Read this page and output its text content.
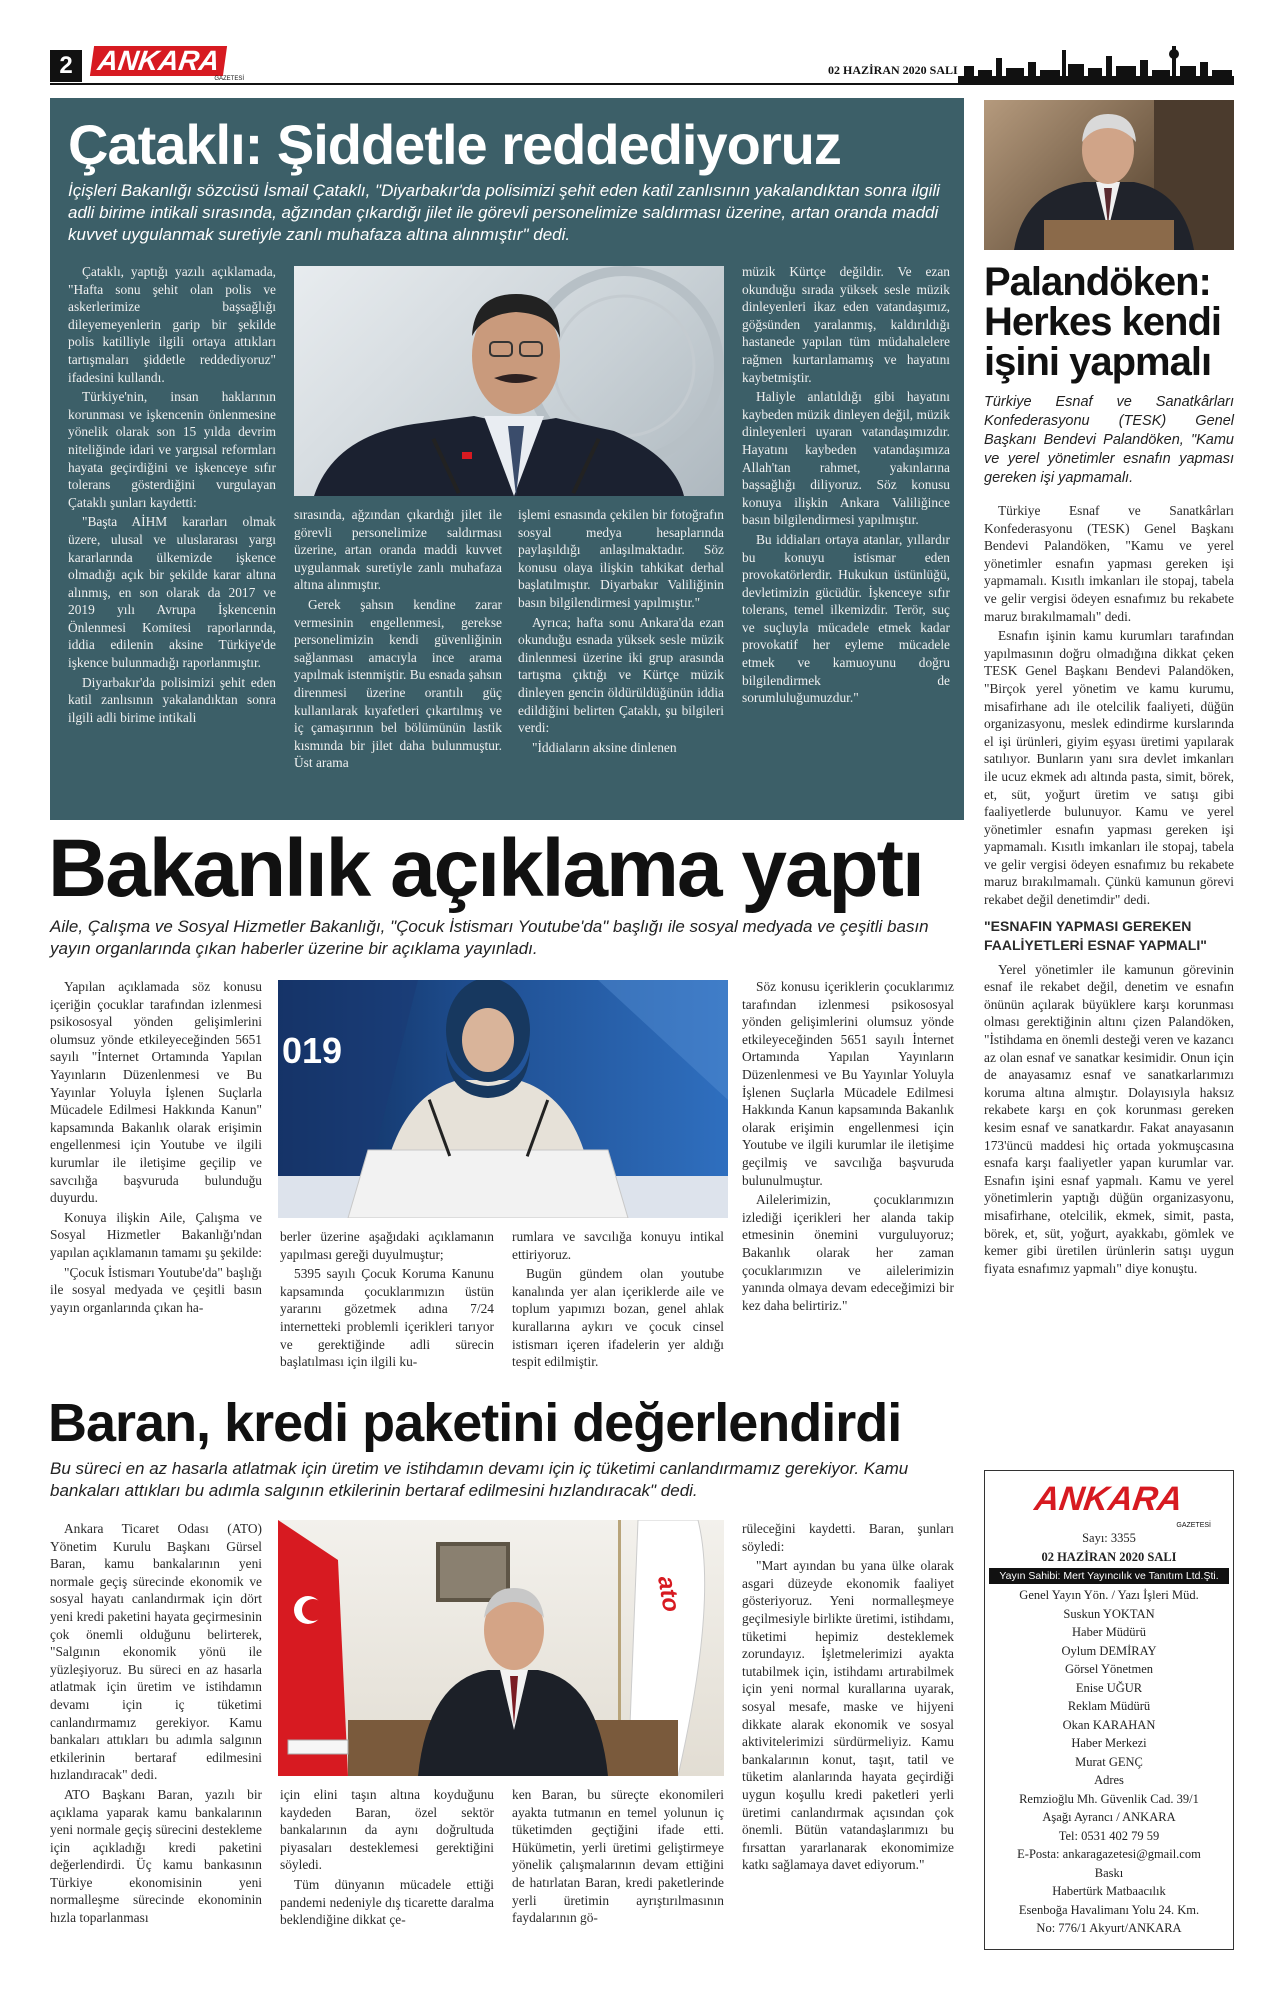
2 ANKARA
GAZETESİ
02 HAZİRAN 2020 SALI
Çataklı: Şiddetle reddediyoruz
İçişleri Bakanlığı sözcüsü İsmail Çataklı, "Diyarbakır'da polisimizi şehit eden katil zanlısının yakalandıktan sonra ilgili adli birime intikali sırasında, ağzından çıkardığı jilet ile görevli personelimize saldırması üzerine, artan oranda maddi kuvvet uygulanmak suretiyle zanlı muhafaza altına alınmıştır" dedi.

Çataklı, yaptığı yazılı açıklamada, "Hafta sonu şehit olan polis ve askerlerimize başsağlığı dileyemeyenlerin garip bir şekilde polis katilliyle ilgili ortaya attıkları tartışmaları şiddetle reddediyoruz" ifadesini kullandı.

Türkiye'nin, insan haklarının korunması ve işkencenin önlenmesine yönelik olarak son 15 yılda devrim niteliğinde idari ve yargısal reformları hayata geçirdiğini ve işkenceye sıfır tolerans gösterdiğini vurgulayan Çataklı şunları kaydetti:

"Başta AİHM kararları olmak üzere, ulusal ve uluslararası yargı kararlarında ülkemizde işkence olmadığı açık bir şekilde karar altına alınmış, en son olarak da 2017 ve 2019 yılı Avrupa İşkencenin Önlenmesi Komitesi raporlarında, iddia edilenin aksine Türkiye'de işkence bulunmadığı raporlanmıştır.

Diyarbakır'da polisimizi şehit eden katil zanlısının yakalandıktan sonra ilgili adli birime intikali

sırasında, ağzından çıkardığı jilet ile görevli personelimize saldırması üzerine, artan oranda maddi kuvvet uygulanmak suretiyle zanlı muhafaza altına alınmıştır.

Gerek şahsın kendine zarar vermesinin engellenmesi, gerekse personelimizin kendi güvenliğinin sağlanması amacıyla ince arama yapılmak istenmiştir. Bu esnada şahsın direnmesi üzerine orantılı güç kullanılarak kıyafetleri çıkartılmış ve iç çamaşırının bel bölümünün lastik kısmında bir jilet daha bulunmuştur. Üst arama

işlemi esnasında çekilen bir fotoğrafın sosyal medya hesaplarında paylaşıldığı anlaşılmaktadır. Söz konusu olaya ilişkin tahkikat derhal başlatılmıştır. Diyarbakır Valiliğinin basın bilgilendirmesi yapılmıştır."

Ayrıca; hafta sonu Ankara'da ezan okunduğu esnada yüksek sesle müzik dinlenmesi üzerine iki grup arasında tartışma çıktığı ve Kürtçe müzik dinleyen gencin öldürüldüğünün iddia edildiğini belirten Çataklı, şu bilgileri verdi:

"İddiaların aksine dinlenen

müzik Kürtçe değildir. Ve ezan okunduğu sırada yüksek sesle müzik dinleyenleri ikaz eden vatandaşımız, göğsünden yaralanmış, kaldırıldığı hastanede yapılan tüm müdahalelere rağmen kurtarılamamış ve hayatını kaybetmiştir.

Haliyle anlatıldığı gibi hayatını kaybeden müzik dinleyen değil, müzik dinleyenleri uyaran vatandaşımızdır. Hayatını kaybeden vatandaşımıza Allah'tan rahmet, yakınlarına başsağlığı diliyoruz. Söz konusu konuya ilişkin Ankara Valiliğince basın bilgilendirmesi yapılmıştır.

Bu iddiaları ortaya atanlar, yıllardır bu konuyu istismar eden provokatörlerdir. Hukukun üstünlüğü, devletimizin gücüdür. İşkenceye sıfır tolerans, temel ilkemizdir. Terör, suç ve suçluyla mücadele etmek kadar provokatif her eyleme mücadele etmek ve kamuoyunu doğru bilgilendirmek de sorumluluğumuzdur."

Bakanlık açıklama yaptı
Aile, Çalışma ve Sosyal Hizmetler Bakanlığı, "Çocuk İstismarı Youtube'da" başlığı ile sosyal medyada ve çeşitli basın yayın organlarında çıkan haberler üzerine bir açıklama yayınladı.

Yapılan açıklamada söz konusu içeriğin çocuklar tarafından izlenmesi psikososyal yönden gelişimlerini olumsuz yönde etkileyeceğinden 5651 sayılı "İnternet Ortamında Yapılan Yayınların Düzenlenmesi ve Bu Yayınlar Yoluyla İşlenen Suçlarla Mücadele Edilmesi Hakkında Kanun" kapsamında Bakanlık olarak erişimin engellenmesi için Youtube ve ilgili kurumlar ile iletişime geçilip ve savcılığa başvuruda bulunduğu duyurdu.

Konuya ilişkin Aile, Çalışma ve Sosyal Hizmetler Bakanlığı'ndan yapılan açıklamanın tamamı şu şekilde:

"Çocuk İstismarı Youtube'da" başlığı ile sosyal medyada ve çeşitli basın yayın organlarında çıkan ha-

019

berler üzerine aşağıdaki açıklamanın yapılması gereği duyulmuştur;

5395 sayılı Çocuk Koruma Kanunu kapsamında çocuklarımızın üstün yararını gözetmek adına 7/24 internetteki problemli içerikleri tarıyor ve gerektiğinde adli sürecin başlatılması için ilgili ku-

rumlara ve savcılığa konuyu intikal ettiriyoruz.

Bugün gündem olan youtube kanalında yer alan içeriklerde aile ve toplum yapımızı bozan, genel ahlak kurallarına aykırı ve çocuk cinsel istismarı içeren ifadelerin yer aldığı tespit edilmiştir.

Söz konusu içeriklerin çocuklarımız tarafından izlenmesi psikososyal yönden gelişimlerini olumsuz yönde etkileyeceğinden 5651 sayılı İnternet Ortamında Yapılan Yayınların Düzenlenmesi ve Bu Yayınlar Yoluyla İşlenen Suçlarla Mücadele Edilmesi Hakkında Kanun kapsamında Bakanlık olarak erişimin engellenmesi için Youtube ve ilgili kurumlar ile iletişime geçilmiş ve savcılığa başvuruda bulunulmuştur.

Ailelerimizin, çocuklarımızın izlediği içerikleri her alanda takip etmesinin önemini vurguluyoruz; Bakanlık olarak her zaman çocuklarımızın ve ailelerimizin yanında olmaya devam edeceğimizi bir kez daha belirtiriz."

Baran, kredi paketini değerlendirdi
Bu süreci en az hasarla atlatmak için üretim ve istihdamın devamı için iç tüketimi canlandırmamız gerekiyor. Kamu bankaları attıkları bu adımla salgının etkilerinin bertaraf edilmesini hızlandıracak" dedi.

Ankara Ticaret Odası (ATO) Yönetim Kurulu Başkanı Gürsel Baran, kamu bankalarının yeni normale geçiş sürecinde ekonomik ve sosyal hayatı canlandırmak için dört yeni kredi paketini hayata geçirmesinin çok önemli olduğunu belirterek, "Salgının ekonomik yönü ile yüzleşiyoruz. Bu süreci en az hasarla atlatmak için üretim ve istihdamın devamı için iç tüketimi canlandırmamız gerekiyor. Kamu bankaları attıkları bu adımla salgının etkilerinin bertaraf edilmesini hızlandıracak" dedi.

ATO Başkanı Baran, yazılı bir açıklama yaparak kamu bankalarının yeni normale geçiş sürecini destekleme için açıkladığı kredi paketini değerlendirdi. Üç kamu bankasının Türkiye ekonomisinin yeni normalleşme sürecinde ekonominin hızla toparlanması

ato

için elini taşın altına koyduğunu kaydeden Baran, özel sektör bankalarının da aynı doğrultuda piyasaları desteklemesi gerektiğini söyledi.

Tüm dünyanın mücadele ettiği pandemi nedeniyle dış ticarette daralma beklendiğine dikkat çe-

ken Baran, bu süreçte ekonomileri ayakta tutmanın en temel yolunun iç tüketimden geçtiğini ifade etti. Hükümetin, yerli üretimi geliştirmeye yönelik çalışmalarının devam ettiğini de hatırlatan Baran, kredi paketlerinde yerli üretimin ayrıştırılmasının faydalarının gö-

rüleceğini kaydetti. Baran, şunları söyledi:

"Mart ayından bu yana ülke olarak asgari düzeyde ekonomik faaliyet gösteriyoruz. Yeni normalleşmeye geçilmesiyle birlikte üretimi, istihdamı, tüketimi hepimiz desteklemek zorundayız. İşletmelerimizi ayakta tutabilmek için, istihdamı artırabilmek için yeni normal kurallarına uyarak, sosyal mesafe, maske ve hijyeni dikkate alarak ekonomik ve sosyal aktivitelerimizi sürdürmeliyiz. Kamu bankalarının konut, taşıt, tatil ve tüketim alanlarında hayata geçirdiği uygun koşullu kredi paketleri yerli üretimi canlandırmak açısından çok önemli. Bütün vatandaşlarımızı bu fırsattan yararlanarak ekonomimize katkı sağlamaya davet ediyorum."

Palandöken: Herkes kendi işini yapmalı
Türkiye Esnaf ve Sanatkârları Konfederasyonu (TESK) Genel Başkanı Bendevi Palandöken, "Kamu ve yerel yönetimler esnafın yapması gereken işi yapmamalı.

Türkiye Esnaf ve Sanatkârları Konfederasyonu (TESK) Genel Başkanı Bendevi Palandöken, "Kamu ve yerel yönetimler esnafın yapması gereken işi yapmamalı. Kısıtlı imkanları ile stopaj, tabela ve gelir vergisi ödeyen esnafımız bu rekabete maruz bırakılmamalı" dedi.

Esnafın işinin kamu kurumları tarafından yapılmasının doğru olmadığına dikkat çeken TESK Genel Başkanı Bendevi Palandöken, "Birçok yerel yönetim ve kamu kurumu, misafirhane adı ile otelcilik faaliyeti, düğün organizasyonu, meslek edindirme kurslarında el işi ürünleri, giyim eşyası üretimi yapılarak satılıyor. Bunların yanı sıra devlet imkanları ile ucuz ekmek adı altında pasta, simit, börek, et, süt, yoğurt üretim ve satışı gibi faaliyetlerde bulunuyor. Kamu ve yerel yönetimler esnafın yapması gereken işi yapmamalı. Kısıtlı imkanları ile stopaj, tabela ve gelir vergisi ödeyen esnafımız bu rekabete maruz bırakılmamalı. Çünkü kamunun görevi rekabet değil denetimdir" dedi.

"ESNAFIN YAPMASI GEREKEN FAALİYETLERİ ESNAF YAPMALI"

Yerel yönetimler ile kamunun görevinin esnaf ile rekabet değil, denetim ve esnafın önünün açılarak büyüklere karşı korunması olması gerektiğinin altını çizen Palandöken, "İstihdama en önemli desteği veren ve kazancı az olan esnaf ve sanatkar kesimidir. Onun için de anayasamız esnaf ve sanatkarlarımızı koruma altına almıştır. Dolayısıyla haksız rekabete karşı en çok korunması gereken kesim esnaf ve sanatkardır. Fakat anayasanın 173'üncü maddesi hiç ortada yokmuşcasına esnafa karşı faaliyetler yapan kurumlar var. Esnafın işini esnaf yapmalı. Kamu ve yerel yönetimlerin yaptığı düğün organizasyonu, misafirhane, otelcilik, ekmek, simit, pasta, börek, et, süt, yoğurt, ayakkabı, gömlek ve kemer gibi üretilen ürünlerin satışı uygun fiyata esnafımız yapmalı" diye konuştu.

ANKARA
GAZETESİ
Sayı: 3355
02 HAZİRAN 2020 SALI
Yayın Sahibi: Mert Yayıncılık ve Tanıtım Ltd.Şti.
Genel Yayın Yön. / Yazı İşleri Müd.
Suskun YOKTAN
Haber Müdürü
Oylum DEMİRAY
Görsel Yönetmen
Enise UĞUR
Reklam Müdürü
Okan KARAHAN
Haber Merkezi
Murat GENÇ
Adres
Remzioğlu Mh. Güvenlik Cad. 39/1
Aşağı Ayrancı / ANKARA
Tel: 0531 402 79 59
E-Posta: ankaragazetesi@gmail.com
Baskı
Habertürk Matbaacılık
Esenboğa Havalimanı Yolu 24. Km.
No: 776/1 Akyurt/ANKARA
